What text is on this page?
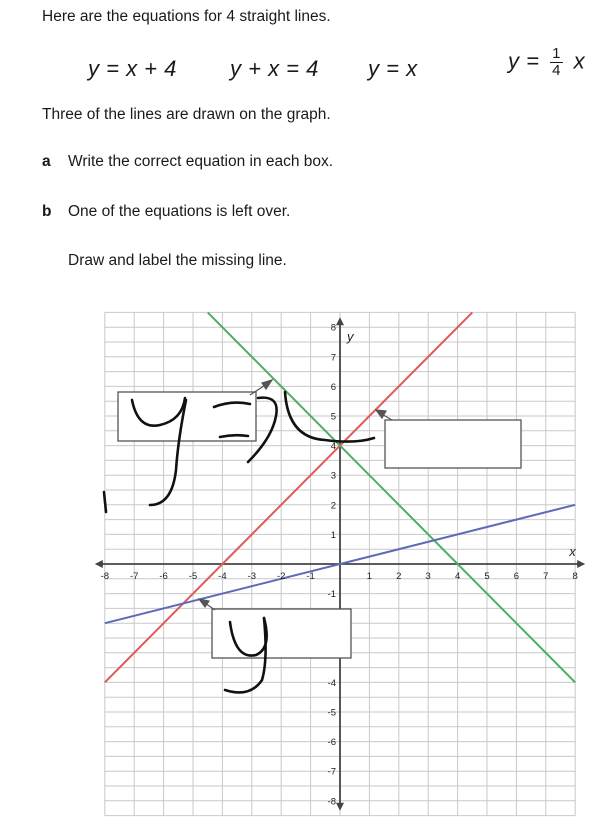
Here are the equations for 4 straight lines.
y = x + 4 y + x = 4 y = x	$y = \frac{1}{4}$ x
Three of the lines are drawn on the graph.
a Write the correct equation in each box.
b One of the equations is left over.
Draw and label the missing line.
-8 -7 -6 -5 -4 -3 -2 -1	1	2	3	4	5	6	7	8
8
7
6
5
4
3
2
1
-1
-4
-5
-6
-7
-8
x
y
